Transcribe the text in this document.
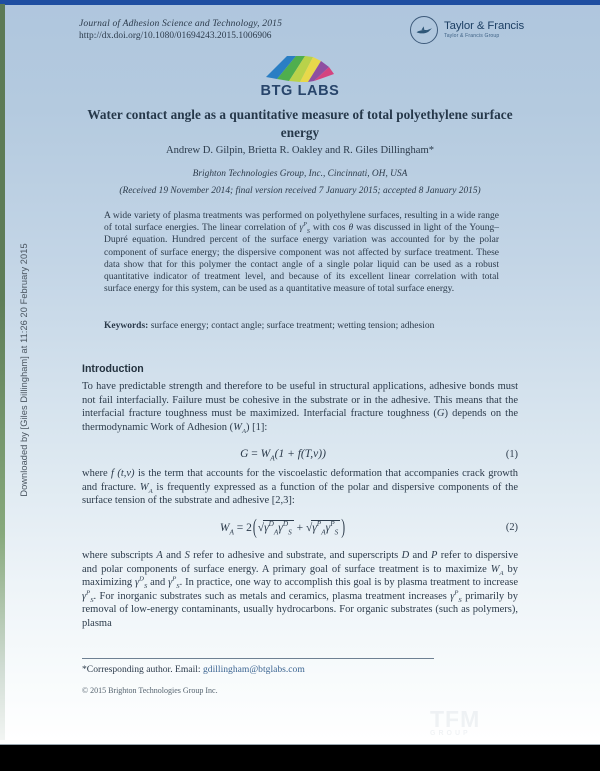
Downloaded by [Giles Dillingham] at 11:26 20 February 2015
Journal of Adhesion Science and Technology, 2015
http://dx.doi.org/10.1080/01694243.2015.1006906
Taylor & Francis
Taylor & Francis Group
BTG LABS
Water contact angle as a quantitative measure of total polyethylene surface energy
Andrew D. Gilpin, Brietta R. Oakley and R. Giles Dillingham*
Brighton Technologies Group, Inc., Cincinnati, OH, USA
(Received 19 November 2014; final version received 7 January 2015; accepted 8 January 2015)
A wide variety of plasma treatments was performed on polyethylene surfaces, resulting in a wide range of total surface energies. The linear correlation of $\gamma^P_S$ with cos θ was discussed in light of the Young–Dupré equation. Hundred percent of the surface energy variation was accounted for by the polar component of surface energy; the dispersive component was not affected by surface treatment. These data show that for this polymer the contact angle of a single polar liquid can be used as a robust quantitative indicator of treatment level, and because of its excellent linear correlation with total surface energy for this system, can be used as a quantitative measure of total surface energy.
Keywords: surface energy; contact angle; surface treatment; wetting tension; adhesion
Introduction
To have predictable strength and therefore to be useful in structural applications, adhesive bonds must not fail interfacially. Failure must be cohesive in the substrate or in the adhesive. This means that the interfacial fracture toughness must be maximized. Interfacial fracture toughness (G) depends on the thermodynamic Work of Adhesion $(W_A)$ [1]:
$G = W_A(1 + f(T,v))$	(1)
where f (t,v) is the term that accounts for the viscoelastic deformation that accompanies crack growth and fracture. $W_A$ is frequently expressed as a function of the polar and dispersive components of the surface tension of the substrate and adhesive [2,3]:
$W_A = 2(√\gamma^D_A\gamma^D_S + √\gamma^P_A\gamma^P_S$ )	(2)
where subscripts A and S refer to adhesive and substrate, and superscripts D and P refer to dispersive and polar components of surface energy. A primary goal of surface treatment is to maximize $W_A$ by maximizing $\gamma^D_S$ and $\gamma^P_S$. In practice, one way to accomplish this goal is by plasma treatment to increase $\gamma^P_S$. For inorganic substrates such as metals and ceramics, plasma treatment increases $\gamma^P_S$ primarily by removal of low-energy contaminants, usually hydrocarbons. For organic substrates (such as polymers), plasma
*Corresponding author. Email: gdillingham@btglabs.com
© 2015 Brighton Technologies Group Inc.
TFM
GROUP
